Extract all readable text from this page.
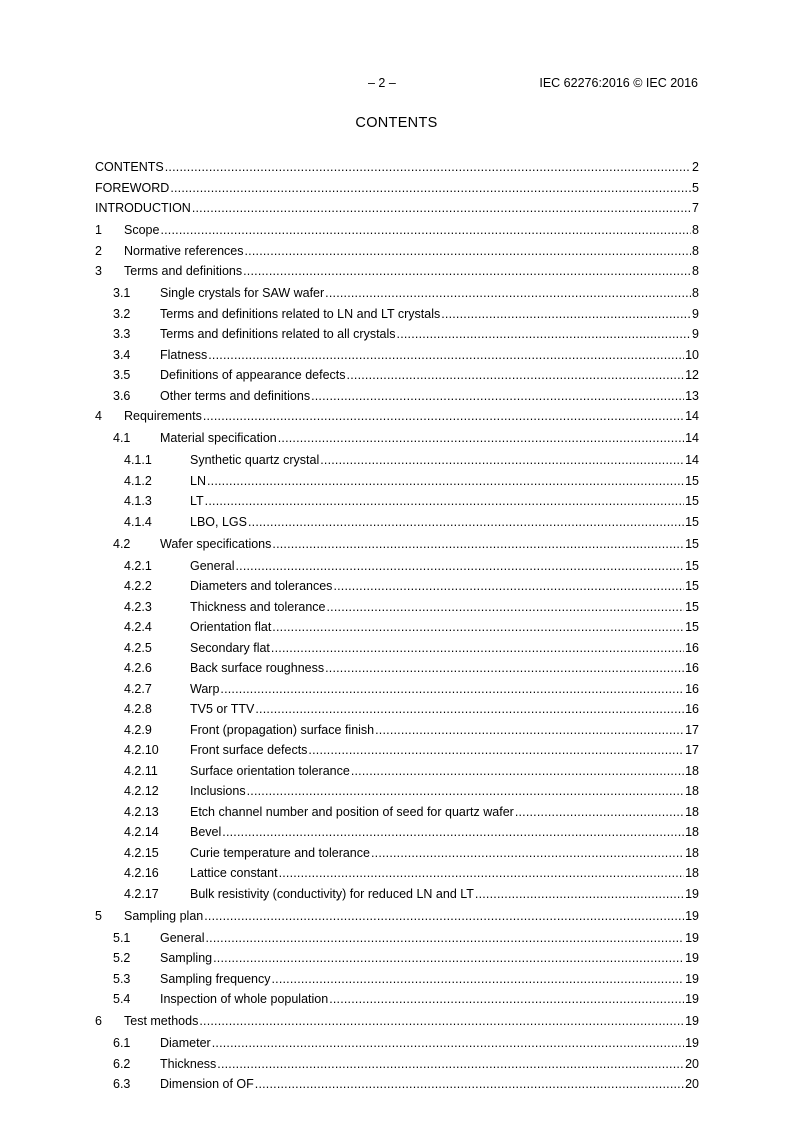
– 2 –	IEC 62276:2016 © IEC 2016
CONTENTS
CONTENTS .....	2
FOREWORD .....	5
INTRODUCTION .....	7
1 Scope .....	8
2 Normative references .....	8
3 Terms and definitions .....	8
3.1 Single crystals for SAW wafer .....	8
3.2 Terms and definitions related to LN and LT crystals .....	9
3.3 Terms and definitions related to all crystals .....	9
3.4 Flatness .....	10
3.5 Definitions of appearance defects .....	12
3.6 Other terms and definitions .....	13
4 Requirements .....	14
4.1 Material specification .....	14
4.1.1	Synthetic quartz crystal .....	14
4.1.2	LN .....	15
4.1.3	LT .....	15
4.1.4	LBO, LGS .....	15
4.2 Wafer specifications .....	15
4.2.1	General .....	15
4.2.2	Diameters and tolerances .....	15
4.2.3	Thickness and tolerance .....	15
4.2.4	Orientation flat .....	15
4.2.5	Secondary flat .....	16
4.2.6	Back surface roughness .....	16
4.2.7	Warp .....	16
4.2.8	TV5 or TTV .....	16
4.2.9	Front (propagation) surface finish .....	17
4.2.10 Front surface defects .....	17
4.2.11	Surface orientation tolerance .....	18
4.2.12 Inclusions .....	18
4.2.13 Etch channel number and position of seed for quartz wafer .....	18
4.2.14 Bevel .....	18
4.2.15 Curie temperature and tolerance .....	18
4.2.16 Lattice constant .....	18
4.2.17 Bulk resistivity (conductivity) for reduced LN and LT .....	19
5 Sampling plan .....	19
5.1 General .....	19
5.2 Sampling .....	19
5.3 Sampling frequency .....	19
5.4 Inspection of whole population .....	19
6 Test methods .....	19
6.1 Diameter .....	19
6.2 Thickness .....	20
6.3 Dimension of OF .....	20
